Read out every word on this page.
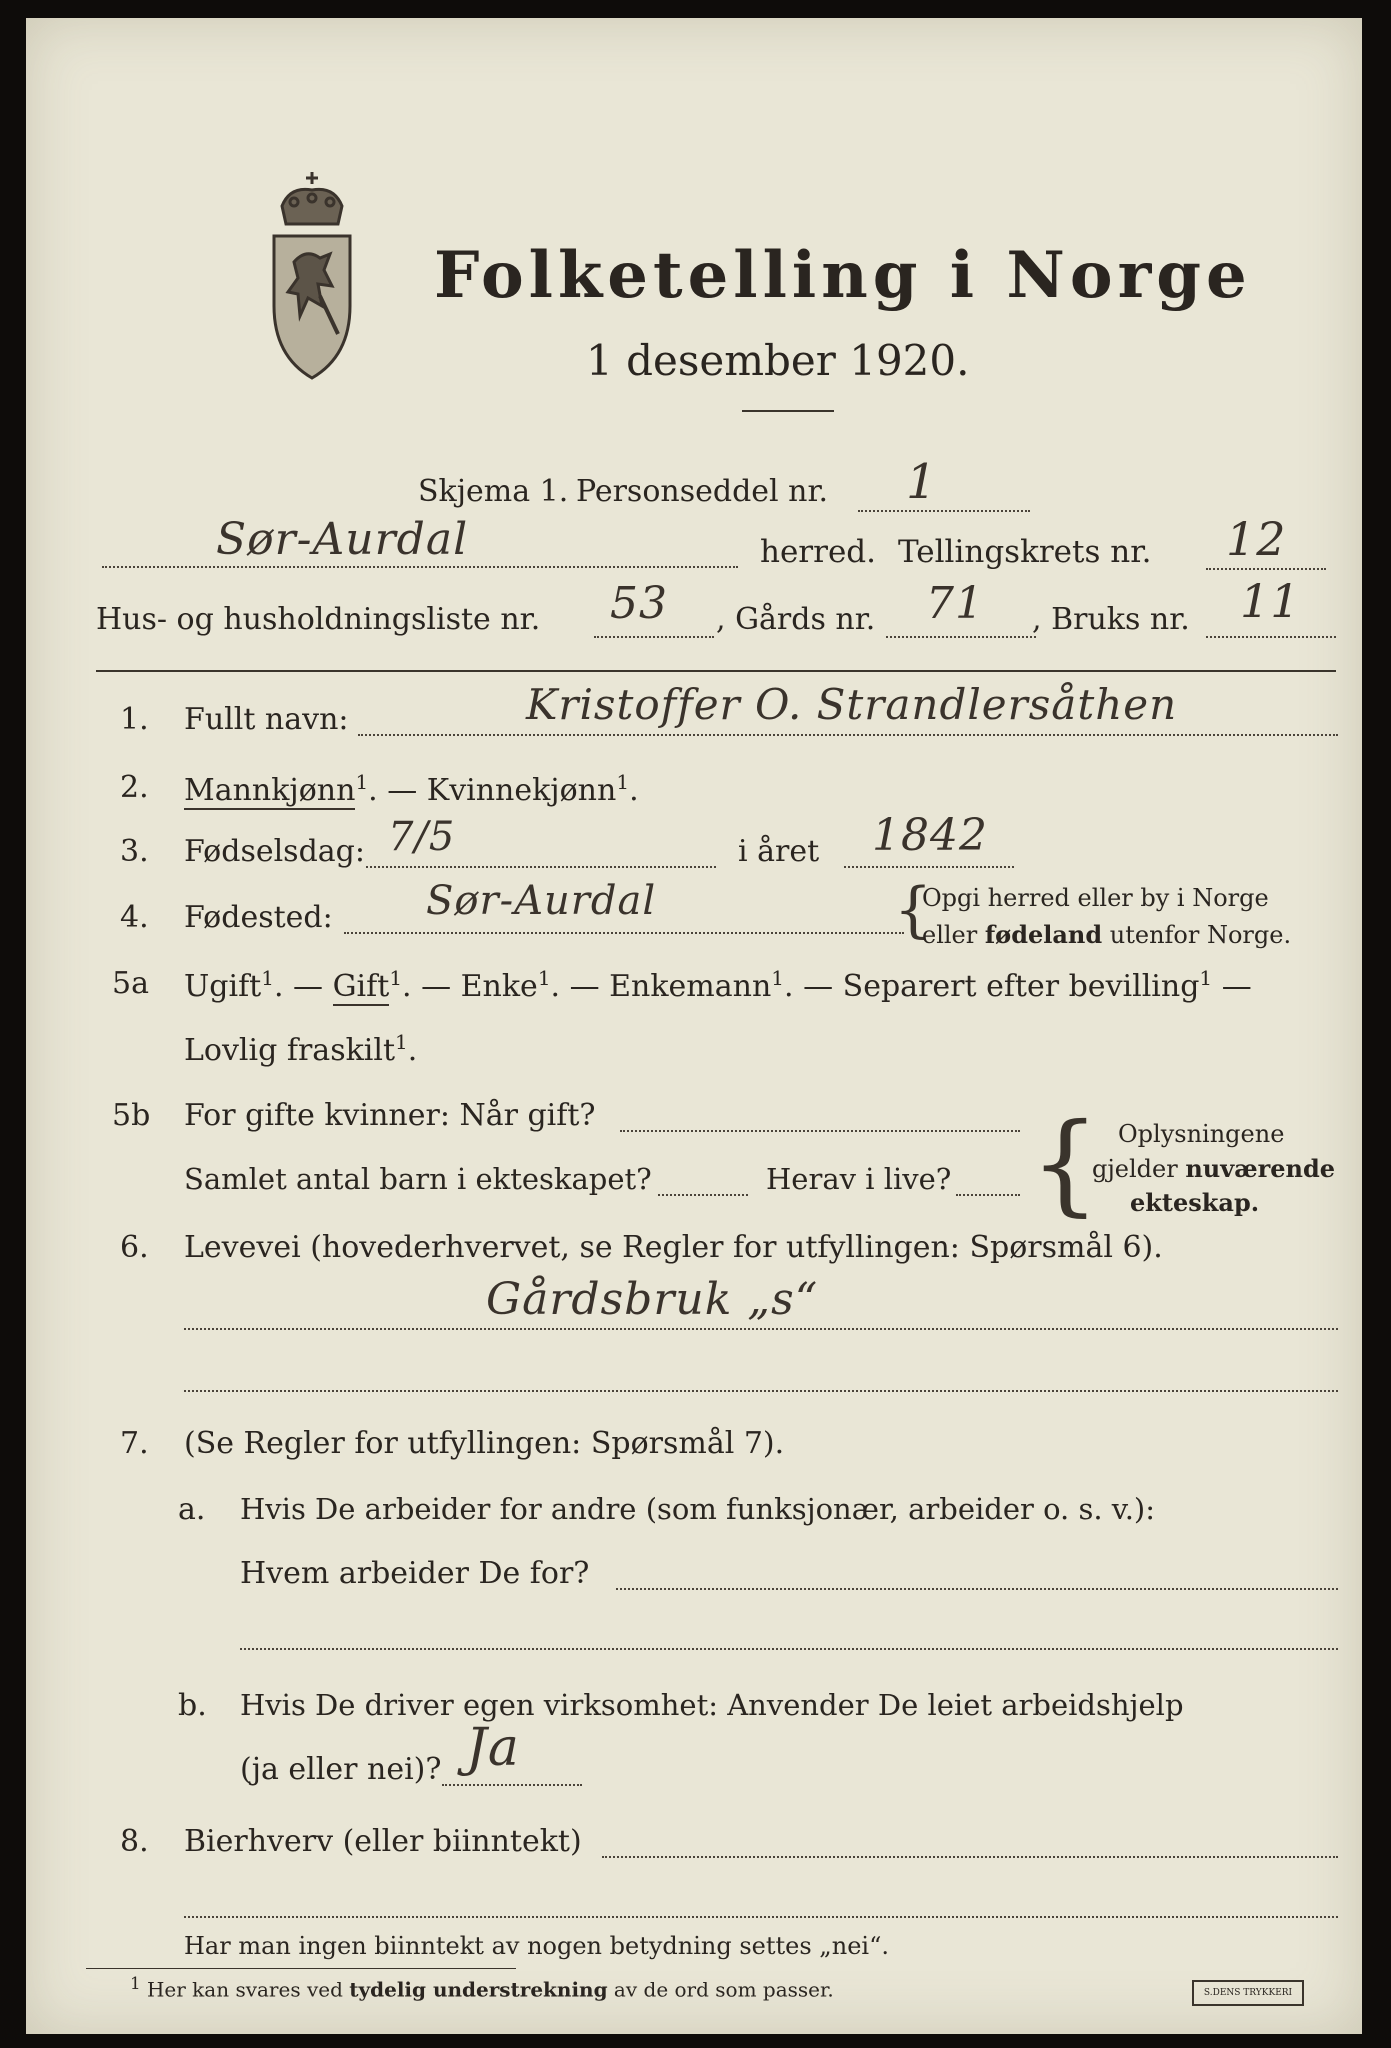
Folketelling i Norge
1 desember 1920.
Skjema 1. Personseddel nr. 1
Sør-Aurdal	herred. Tellingskrets nr. 12
Hus- og husholdningsliste nr. 53 , Gårds nr. 71 , Bruks nr. 11
1. Fullt navn:	Kristoffer O. Strandlersåthen
2. Mannkjønn$^1$. — Kvinnekjønn$^1$.
3. Fødselsdag: 7/5	i året 1842
4. Fødested: Sør-Aurdal	{
Opgi herred eller by i Norge
eller fødeland utenfor Norge.
5a Ugift$^1$. — Gift$^1$. — Enke$^1$. — Enkemann$^1$. — Separert efter bevilling$^1$ —
Lovlig fraskilt$^1$.
5b For gifte kvinner: Når gift?
Samlet antal barn i ekteskapet?	Herav i live? { Oplysningene
gjelder nuværende
ekteskap.
6. Levevei (hovederhvervet, se Regler for utfyllingen: Spørsmål 6).
Gårdsbruk „s“
7. (Se Regler for utfyllingen: Spørsmål 7).
a. Hvis De arbeider for andre (som funksjonær, arbeider o. s. v.):
Hvem arbeider De for?
b. Hvis De driver egen virksomhet: Anvender De leiet arbeidshjelp
(ja eller nei)? Ja
8. Bierhverv (eller biinntekt)
Har man ingen biinntekt av nogen betydning settes „nei“.
$^1$ Her kan svares ved tydelig understrekning av de ord som passer.	S.DENS TRYKKERI
